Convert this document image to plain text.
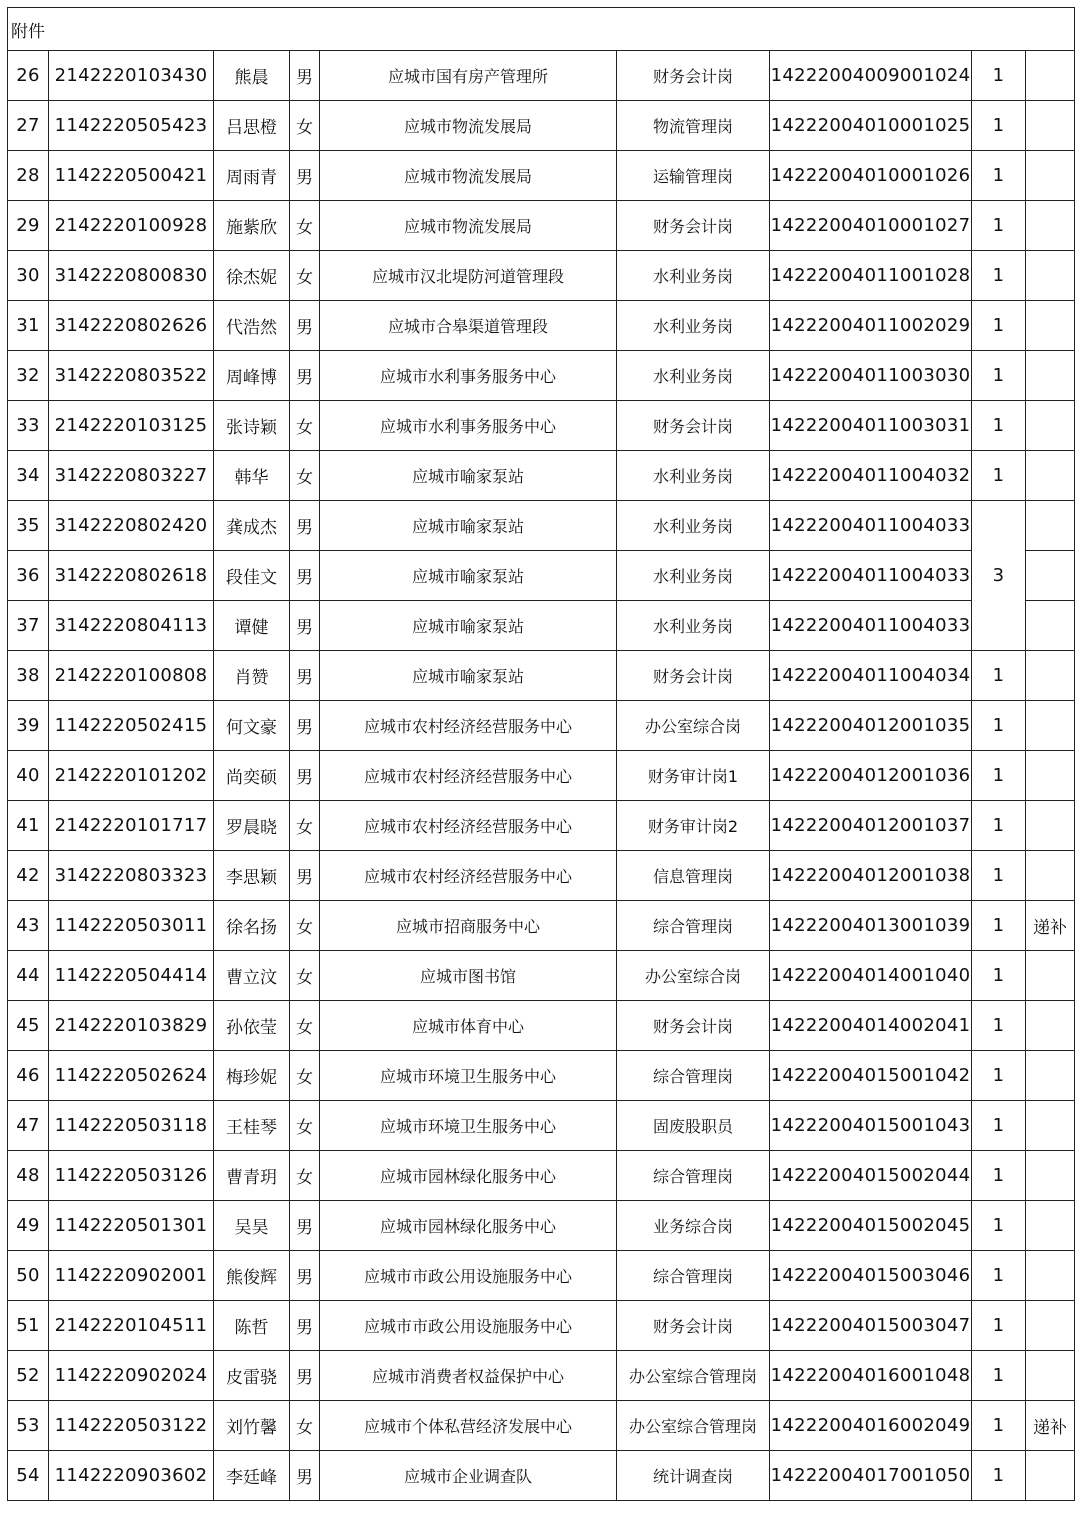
附件								
26	2142220103430	熊晨	男	应城市国有房产管理所	财务会计岗	14222004009001024	1	
27	1142220505423	吕思橙	女	应城市物流发展局	物流管理岗	14222004010001025	1	
28	1142220500421	周雨青	男	应城市物流发展局	运输管理岗	14222004010001026	1	
29	2142220100928	施紫欣	女	应城市物流发展局	财务会计岗	14222004010001027	1	
30	3142220800830	徐杰妮	女	应城市汉北堤防河道管理段	水利业务岗	14222004011001028	1	
31	3142220802626	代浩然	男	应城市合皋渠道管理段	水利业务岗	14222004011002029	1	
32	3142220803522	周峰博	男	应城市水利事务服务中心	水利业务岗	14222004011003030	1	
33	2142220103125	张诗颖	女	应城市水利事务服务中心	财务会计岗	14222004011003031	1	
34	3142220803227	韩华	女	应城市喻家泵站	水利业务岗	14222004011004032	1	
35	3142220802420	龚成杰	男	应城市喻家泵站	水利业务岗	14222004011004033	3	
36	3142220802618	段佳文	男	应城市喻家泵站	水利业务岗	14222004011004033		
37	3142220804113	谭健	男	应城市喻家泵站	水利业务岗	14222004011004033		
38	2142220100808	肖赞	男	应城市喻家泵站	财务会计岗	14222004011004034	1	
39	1142220502415	何文豪	男	应城市农村经济经营服务中心	办公室综合岗	14222004012001035	1	
40	2142220101202	尚奕硕	男	应城市农村经济经营服务中心	财务审计岗1	14222004012001036	1	
41	2142220101717	罗晨晓	女	应城市农村经济经营服务中心	财务审计岗2	14222004012001037	1	
42	3142220803323	李思颖	男	应城市农村经济经营服务中心	信息管理岗	14222004012001038	1	
43	1142220503011	徐名扬	女	应城市招商服务中心	综合管理岗	14222004013001039	1	递补
44	1142220504414	曹立汶	女	应城市图书馆	办公室综合岗	14222004014001040	1	
45	2142220103829	孙依莹	女	应城市体育中心	财务会计岗	14222004014002041	1	
46	1142220502624	梅珍妮	女	应城市环境卫生服务中心	综合管理岗	14222004015001042	1	
47	1142220503118	王桂琴	女	应城市环境卫生服务中心	固废股职员	14222004015001043	1	
48	1142220503126	曹青玥	女	应城市园林绿化服务中心	综合管理岗	14222004015002044	1	
49	1142220501301	吴昊	男	应城市园林绿化服务中心	业务综合岗	14222004015002045	1	
50	1142220902001	熊俊辉	男	应城市市政公用设施服务中心	综合管理岗	14222004015003046	1	
51	2142220104511	陈哲	男	应城市市政公用设施服务中心	财务会计岗	14222004015003047	1	
52	1142220902024	皮雷骁	男	应城市消费者权益保护中心	办公室综合管理岗	14222004016001048	1	
53	1142220503122	刘竹馨	女	应城市个体私营经济发展中心	办公室综合管理岗	14222004016002049	1	递补
54	1142220903602	李廷峰	男	应城市企业调查队	统计调查岗	14222004017001050	1	
